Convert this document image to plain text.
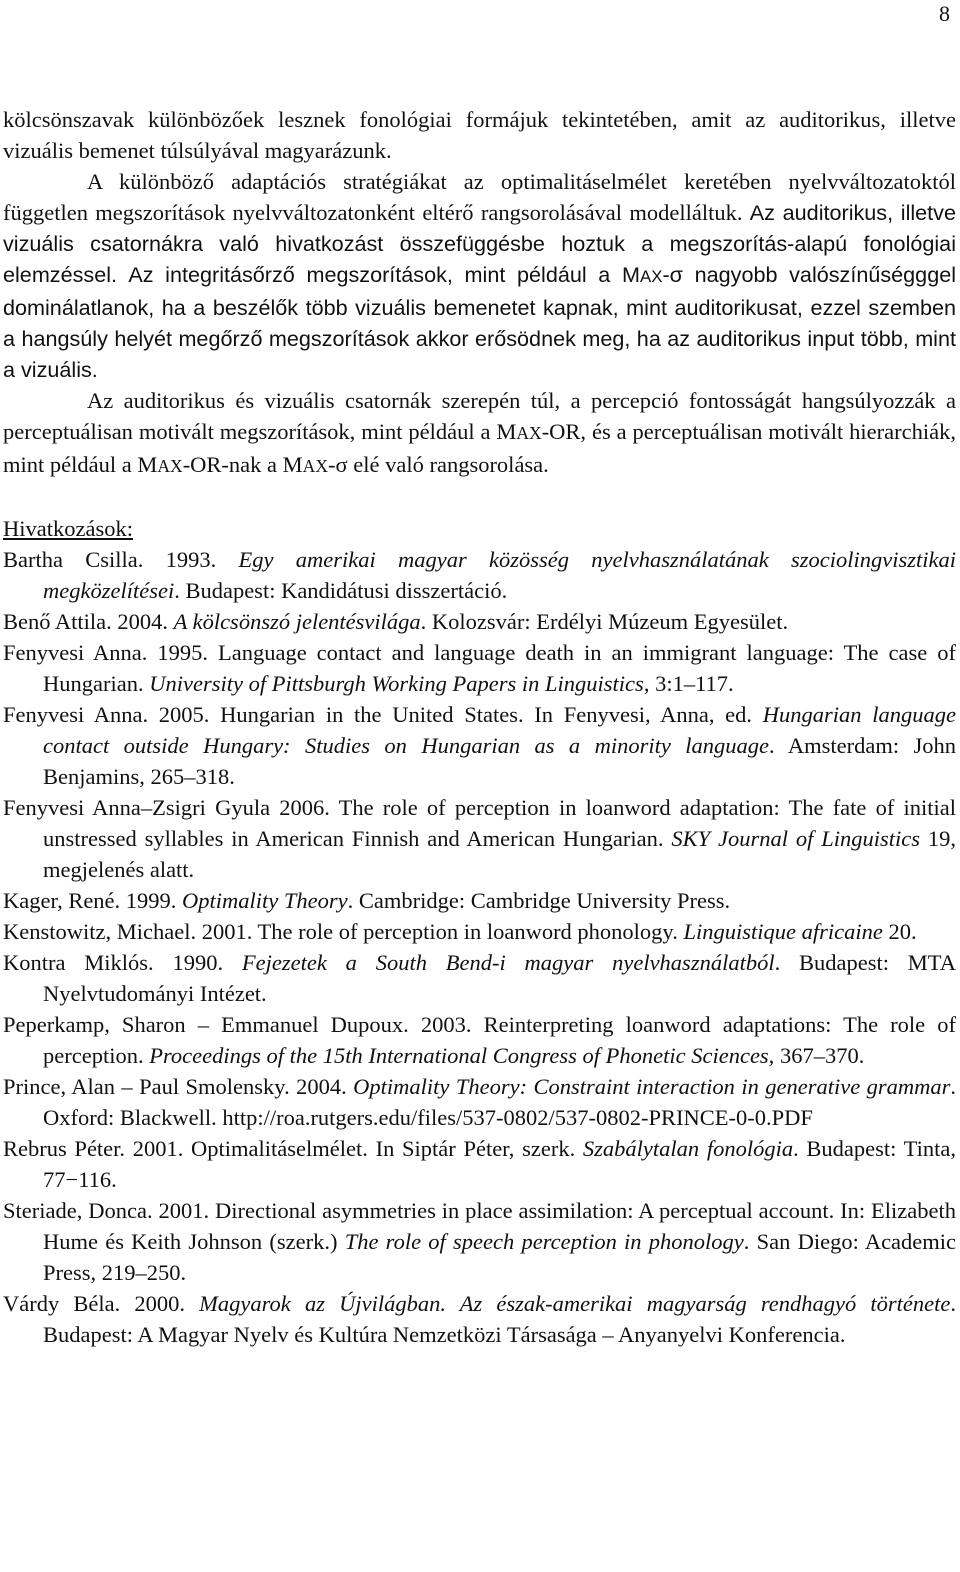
8

kölcsönszavak különbözőek lesznek fonológiai formájuk tekintetében, amit az auditorikus, illetve vizuális bemenet túlsúlyával magyarázunk.

A különböző adaptációs stratégiákat az optimalitáselmélet keretében nyelvváltozatoktól független megszorítások nyelvváltozatonként eltérő rangsorolásával modelláltuk. Az auditorikus, illetve vizuális csatornákra való hivatkozást összefüggésbe hoztuk a megszorítás-alapú fonológiai elemzéssel. Az integritásőrző megszorítások, mint például a MAX-σ nagyobb valószínűségggel dominálatlanok, ha a beszélők több vizuális bemenetet kapnak, mint auditorikusat, ezzel szemben a hangsúly helyét megőrző megszorítások akkor erősödnek meg, ha az auditorikus input több, mint a vizuális.

Az auditorikus és vizuális csatornák szerepén túl, a percepció fontosságát hangsúlyozzák a perceptuálisan motivált megszorítások, mint például a MAX-OR, és a perceptuálisan motivált hierarchiák, mint például a MAX-OR-nak a MAX-σ elé való rangsorolása.

Hivatkozások:

Bartha Csilla. 1993. Egy amerikai magyar közösség nyelvhasználatának szociolingvisztikai megközelítései. Budapest: Kandidátusi disszertáció.

Benő Attila. 2004. A kölcsönszó jelentésvilága. Kolozsvár: Erdélyi Múzeum Egyesület.

Fenyvesi Anna. 1995. Language contact and language death in an immigrant language: The case of Hungarian. University of Pittsburgh Working Papers in Linguistics, 3:1–117.

Fenyvesi Anna. 2005. Hungarian in the United States. In Fenyvesi, Anna, ed. Hungarian language contact outside Hungary: Studies on Hungarian as a minority language. Amsterdam: John Benjamins, 265–318.

Fenyvesi Anna–Zsigri Gyula 2006. The role of perception in loanword adaptation: The fate of initial unstressed syllables in American Finnish and American Hungarian. SKY Journal of Linguistics 19, megjelenés alatt.

Kager, René. 1999. Optimality Theory. Cambridge: Cambridge University Press.

Kenstowitz, Michael. 2001. The role of perception in loanword phonology. Linguistique africaine 20.

Kontra Miklós. 1990. Fejezetek a South Bend-i magyar nyelvhasználatból. Budapest: MTA Nyelvtudományi Intézet.

Peperkamp, Sharon – Emmanuel Dupoux. 2003. Reinterpreting loanword adaptations: The role of perception. Proceedings of the 15th International Congress of Phonetic Sciences, 367–370.

Prince, Alan – Paul Smolensky. 2004. Optimality Theory: Constraint interaction in generative grammar. Oxford: Blackwell. http://roa.rutgers.edu/files/537-0802/537-0802-PRINCE-0-0.PDF

Rebrus Péter. 2001. Optimalitáselmélet. In Siptár Péter, szerk. Szabálytalan fonológia. Budapest: Tinta, 77−116.

Steriade, Donca. 2001. Directional asymmetries in place assimilation: A perceptual account. In: Elizabeth Hume és Keith Johnson (szerk.) The role of speech perception in phonology. San Diego: Academic Press, 219–250.

Várdy Béla. 2000. Magyarok az Újvilágban. Az észak-amerikai magyarság rendhagyó története. Budapest: A Magyar Nyelv és Kultúra Nemzetközi Társasága – Anyanyelvi Konferencia.
